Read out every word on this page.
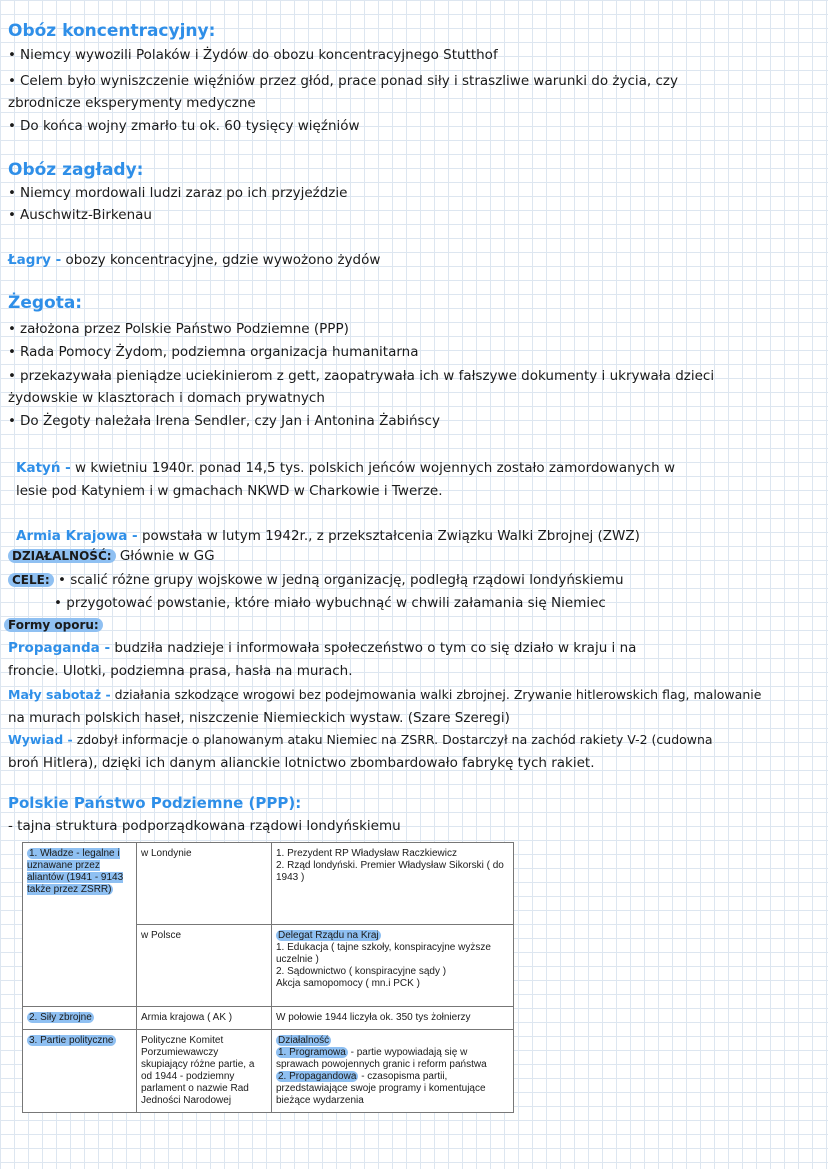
Obóz koncentracyjny:
• Niemcy wywozili Polaków i Żydów do obozu koncentracyjnego Stutthof
• Celem było wyniszczenie więźniów przez głód, prace ponad siły i straszliwe warunki do życia, czy
zbrodnicze eksperymenty medyczne
• Do końca wojny zmarło tu ok. 60 tysięcy więźniów
Obóz zagłady:
• Niemcy mordowali ludzi zaraz po ich przyjeździe
• Auschwitz-Birkenau
Łagry - obozy koncentracyjne, gdzie wywożono żydów
Żegota:
• założona przez Polskie Państwo Podziemne (PPP)
• Rada Pomocy Żydom, podziemna organizacja humanitarna
• przekazywała pieniądze uciekinierom z gett, zaopatrywała ich w fałszywe dokumenty i ukrywała dzieci
żydowskie w klasztorach i domach prywatnych
• Do Żegoty należała Irena Sendler, czy Jan i Antonina Żabińscy
Katyń - w kwietniu 1940r. ponad 14,5 tys. polskich jeńców wojennych zostało zamordowanych w
lesie pod Katyniem i w gmachach NKWD w Charkowie i Twerze.
Armia Krajowa - powstała w lutym 1942r., z przekształcenia Związku Walki Zbrojnej (ZWZ)
DZIAŁALNOŚĆ: Głównie w GG
CELE: • scalić różne grupy wojskowe w jedną organizację, podległą rządowi londyńskiemu
• przygotować powstanie, które miało wybuchnąć w chwili załamania się Niemiec
Formy oporu:
Propaganda - budziła nadzieje i informowała społeczeństwo o tym co się działo w kraju i na
froncie. Ulotki, podziemna prasa, hasła na murach.
Mały sabotaż - działania szkodzące wrogowi bez podejmowania walki zbrojnej. Zrywanie hitlerowskich flag, malowanie
na murach polskich haseł, niszczenie Niemieckich wystaw. (Szare Szeregi)
Wywiad - zdobył informacje o planowanym ataku Niemiec na ZSRR. Dostarczył na zachód rakiety V-2 (cudowna
broń Hitlera), dzięki ich danym alianckie lotnictwo zbombardowało fabrykę tych rakiet.
Polskie Państwo Podziemne (PPP):
- tajna struktura podporządkowana rządowi londyńskiemu
1. Władze - legalne i uznawane przez aliantów (1941 - 9143 także przez ZSRR)	w Londynie	1. Prezydent RP Władysław Raczkiewicz
2. Rząd londyński. Premier Władysław Sikorski ( do 1943 )

	w Polsce	Delegat Rządu na Kraj
1. Edukacja ( tajne szkoły, konspiracyjne wyższe uczelnie )
2. Sądownictwo ( konspiracyjne sądy )
Akcja samopomocy ( mn.i PCK )

2. Siły zbrojne	Armia krajowa ( AK )	W połowie 1944 liczyła ok. 350 tys żołnierzy
3. Partie polityczne	Polityczne Komitet Porzumiewawczy skupiający różne partie, a od 1944 - podziemny parlament o nazwie Rad Jedności Narodowej	Działalność
1. Programowa - partie wypowiadają się w sprawach powojennych granic i reform państwa
2. Propagandowa - czasopisma partii, przedstawiające swoje programy i komentujące bieżące wydarzenia
